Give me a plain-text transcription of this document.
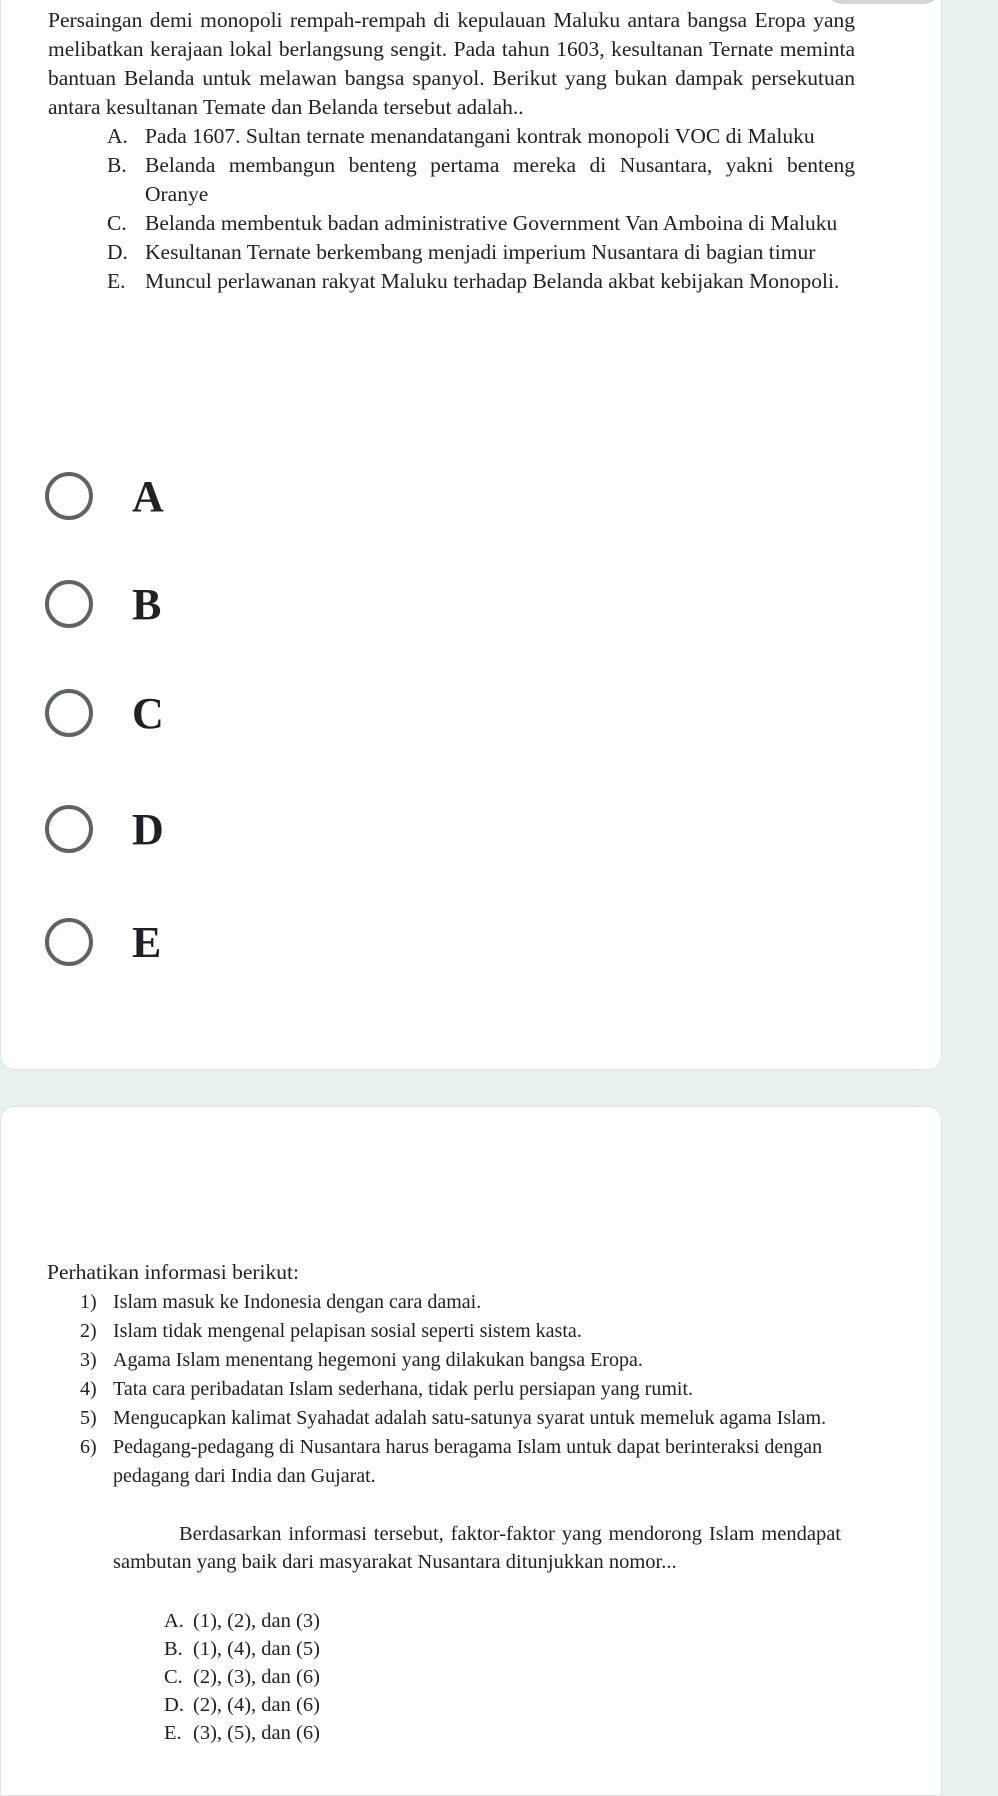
Persaingan demi monopoli rempah-rempah di kepulauan Maluku antara bangsa Eropa yang melibatkan kerajaan lokal berlangsung sengit. Pada tahun 1603, kesultanan Ternate meminta bantuan Belanda untuk melawan bangsa spanyol. Berikut yang bukan dampak persekutuan antara kesultanan Temate dan Belanda tersebut adalah..
A. Pada 1607. Sultan ternate menandatangani kontrak monopoli VOC di Maluku
B. Belanda membangun benteng pertama mereka di Nusantara, yakni benteng Oranye
C. Belanda membentuk badan administrative Government Van Amboina di Maluku
D. Kesultanan Ternate berkembang menjadi imperium Nusantara di bagian timur
E. Muncul perlawanan rakyat Maluku terhadap Belanda akbat kebijakan Monopoli.
A
B
C
D
E
Perhatikan informasi berikut:
1) Islam masuk ke Indonesia dengan cara damai.
2) Islam tidak mengenal pelapisan sosial seperti sistem kasta.
3) Agama Islam menentang hegemoni yang dilakukan bangsa Eropa.
4) Tata cara peribadatan Islam sederhana, tidak perlu persiapan yang rumit.
5) Mengucapkan kalimat Syahadat adalah satu-satunya syarat untuk memeluk agama Islam.
6) Pedagang-pedagang di Nusantara harus beragama Islam untuk dapat berinteraksi dengan pedagang dari India dan Gujarat.
Berdasarkan informasi tersebut, faktor-faktor yang mendorong Islam mendapat sambutan yang baik dari masyarakat Nusantara ditunjukkan nomor...
A. (1), (2), dan (3)
B. (1), (4), dan (5)
C. (2), (3), dan (6)
D. (2), (4), dan (6)
E. (3), (5), dan (6)
